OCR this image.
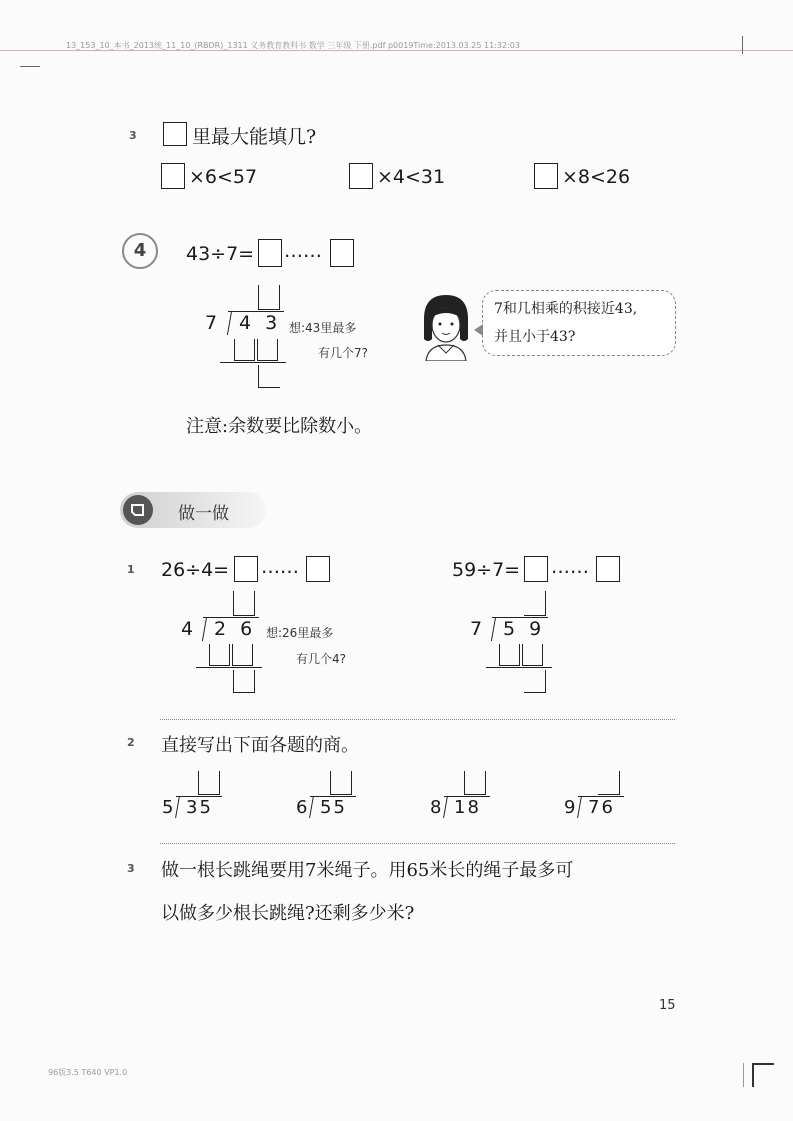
13_153_10_本书_2013统_11_10_(RBDR)_1311 义务教育教科书 数学 三年级 下册.pdf p0019Time:2013.03.25 11:32:03
3	里最大能填几?
×6<57	×4<31	×8<26
4	43÷7= ……
7 4 3 想:43里最多
有几个7?
7和几相乘的积接近43,
并且小于43?
注意:余数要比除数小。
做一做
1 26÷4= ……	59÷7= ……
4 2 6 想:26里最多
有几个4?
7 5 9
2 直接写出下面各题的商。
5 35	6 55	8 18	9 76
3 做一根长跳绳要用7米绳子。用65米长的绳子最多可
以做多少根长跳绳?还剩多少米?
15
96版3.5 T640 VP1.0
